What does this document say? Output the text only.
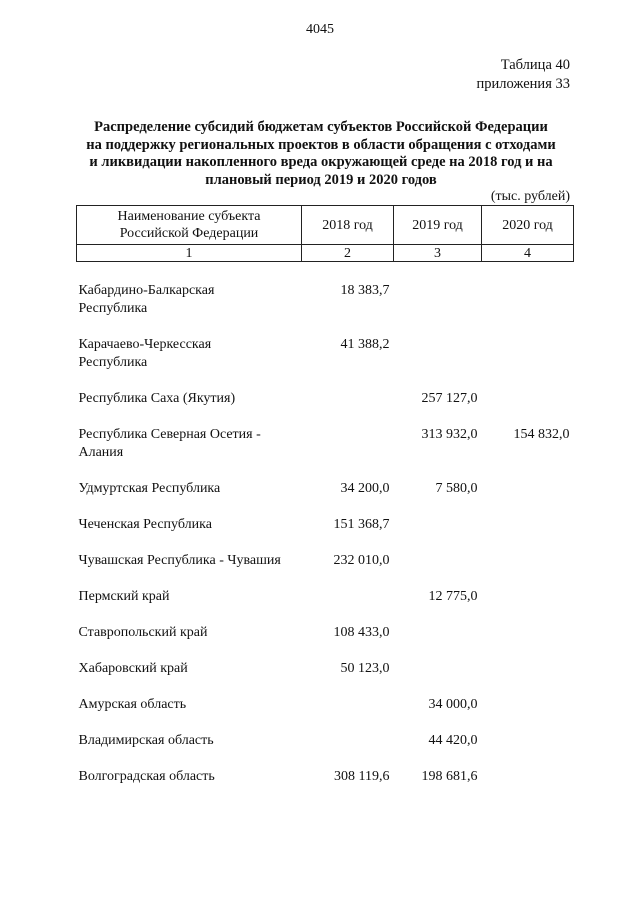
4045
Таблица 40
приложения 33
Распределение субсидий бюджетам субъектов Российской Федерации
на поддержку региональных проектов в области обращения с отходами
и ликвидации накопленного вреда окружающей среде на 2018 год и на
плановый период 2019 и 2020 годов
(тыс. рублей)
Наименование субъекта
Российской Федерации	2018 год	2019 год	2020 год
1	2	3	4

Кабардино-Балкарская
Республика	18 383,7		

Карачаево-Черкесская
Республика	41 388,2		

Республика Саха (Якутия)		257 127,0	

Республика Северная Осетия -
Алания		313 932,0	154 832,0

Удмуртская Республика	34 200,0	7 580,0	

Чеченская Республика	151 368,7		

Чувашская Республика - Чувашия	232 010,0		

Пермский край		12 775,0	

Ставропольский край	108 433,0		

Хабаровский край	50 123,0		

Амурская область		34 000,0	

Владимирская область		44 420,0	

Волгоградская область	308 119,6	198 681,6	
